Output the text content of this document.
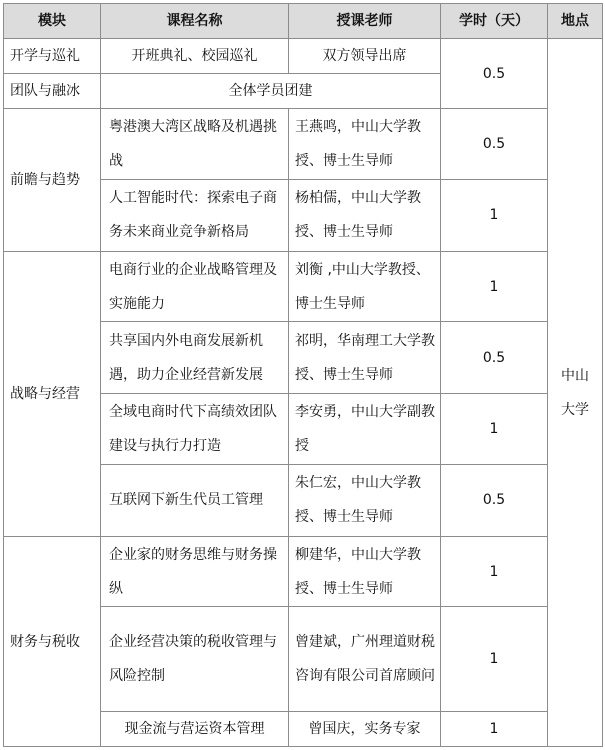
模块	课程名称	授课老师	学时（天）	地点
开学与巡礼	开班典礼、校园巡礼	双方领导出席	0.5	中山大学
团队与融冰	全体学员团建			
前瞻与趋势	粤港澳大湾区战略及机遇挑战	王燕鸣，中山大学教授、博士生导师	0.5	
	人工智能时代：探索电子商务未来商业竞争新格局	杨柏儒，中山大学教授、博士生导师	1	
战略与经营	电商行业的企业战略管理及实施能力	刘衡 ,中山大学教授、博士生导师	1	
	共享国内外电商发展新机遇，助力企业经营新发展	祁明，华南理工大学教授、博士生导师	0.5	
	全域电商时代下高绩效团队建设与执行力打造	李安勇，中山大学副教授	1	
	互联网下新生代员工管理	朱仁宏，中山大学教授、博士生导师	0.5	
财务与税收	企业家的财务思维与财务操纵	柳建华，中山大学教授、博士生导师	1	
	企业经营决策的税收管理与风险控制	曾建斌，广州理道财税咨询有限公司首席顾问	1	
	现金流与营运资本管理	曾国庆，实务专家	1	
